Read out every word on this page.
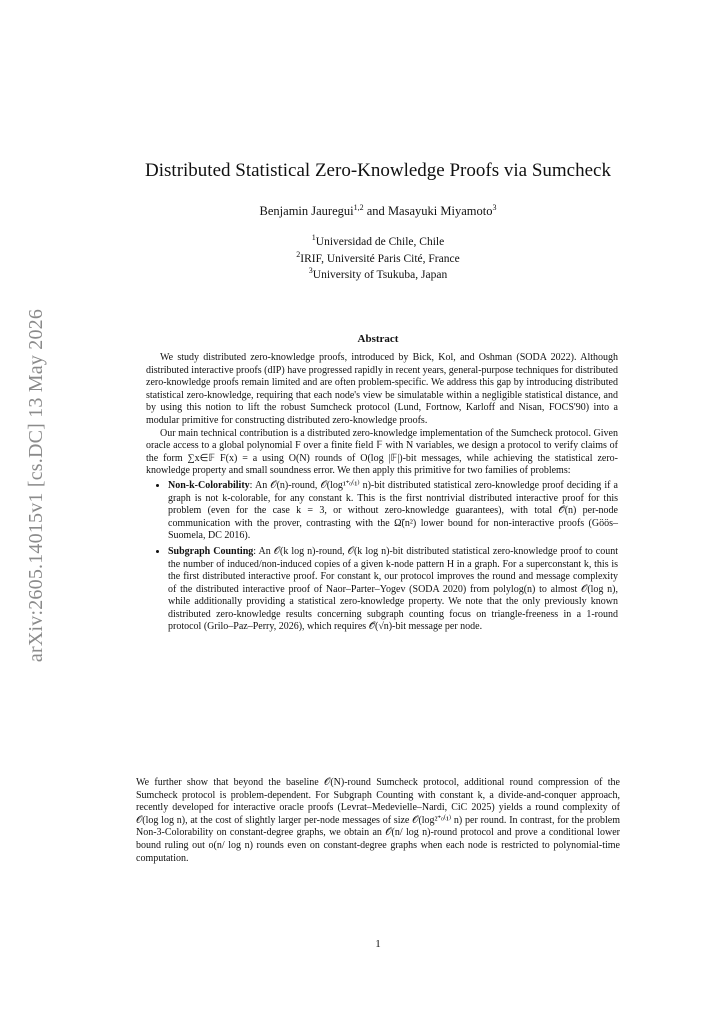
arXiv:2605.14015v1 [cs.DC] 13 May 2026
Distributed Statistical Zero-Knowledge Proofs via Sumcheck
Benjamin Jauregui$^{1,2}$ and Masayuki Miyamoto$^3$
$^1$Universidad de Chile, Chile
$^2$IRIF, Université Paris Cité, France
$^3$University of Tsukuba, Japan
Abstract

We study distributed zero-knowledge proofs, introduced by Bick, Kol, and Oshman (SODA 2022). Although distributed interactive proofs (dIP) have progressed rapidly in recent years, general-purpose techniques for distributed zero-knowledge proofs remain limited and are often problem-specific. We address this gap by introducing distributed statistical zero-knowledge, requiring that each node's view be simulatable within a negligible statistical distance, and by using this notion to lift the robust Sumcheck protocol (Lund, Fortnow, Karloff and Nisan, FOCS'90) into a modular primitive for constructing distributed zero-knowledge proofs.

Our main technical contribution is a distributed zero-knowledge implementation of the Sumcheck protocol. Given oracle access to a global polynomial F over a finite field 𝔽 with N variables, we design a protocol to verify claims of the form ∑x∈𝔽 F(x) = a using O(N) rounds of O(log |𝔽|)-bit messages, while achieving the statistical zero-knowledge property and small soundness error. We then apply this primitive for two families of problems:

• Non-k-Colorability: An 𝒪(n)-round, 𝒪(log¹⁺ᵒ⁽¹⁾ n)-bit distributed statistical zero-knowledge proof deciding if a graph is not k-colorable, for any constant k. This is the first nontrivial distributed interactive proof for this problem (even for the case k = 3, or without zero-knowledge guarantees), with total 𝒪̃(n) per-node communication with the prover, contrasting with the Ω̃(n²) lower bound for non-interactive proofs (Göös–Suomela, DC 2016).
• Subgraph Counting: An 𝒪(k log n)-round, 𝒪(k log n)-bit distributed statistical zero-knowledge proof to count the number of induced/non-induced copies of a given k-node pattern H in a graph. For a superconstant k, this is the first distributed interactive proof. For constant k, our protocol improves the round and message complexity of the distributed interactive proof of Naor–Parter–Yogev (SODA 2020) from polylog(n) to almost 𝒪(log n), while additionally providing a statistical zero-knowledge property. We note that the only previously known distributed zero-knowledge results concerning subgraph counting focus on triangle-freeness in a 1-round protocol (Grilo–Paz–Perry, 2026), which requires 𝒪̃(√n)-bit message per node.
We further show that beyond the baseline 𝒪(N)-round Sumcheck protocol, additional round compression of the Sumcheck protocol is problem-dependent. For Subgraph Counting with constant k, a divide-and-conquer approach, recently developed for interactive oracle proofs (Levrat–Medevielle–Nardi, CiC 2025) yields a round complexity of 𝒪(log log n), at the cost of slightly larger per-node messages of size 𝒪(log²⁺ᵒ⁽¹⁾ n) per round. In contrast, for the problem Non-3-Colorability on constant-degree graphs, we obtain an 𝒪(n/ log n)-round protocol and prove a conditional lower bound ruling out o(n/ log n) rounds even on constant-degree graphs when each node is restricted to polynomial-time computation.
1
